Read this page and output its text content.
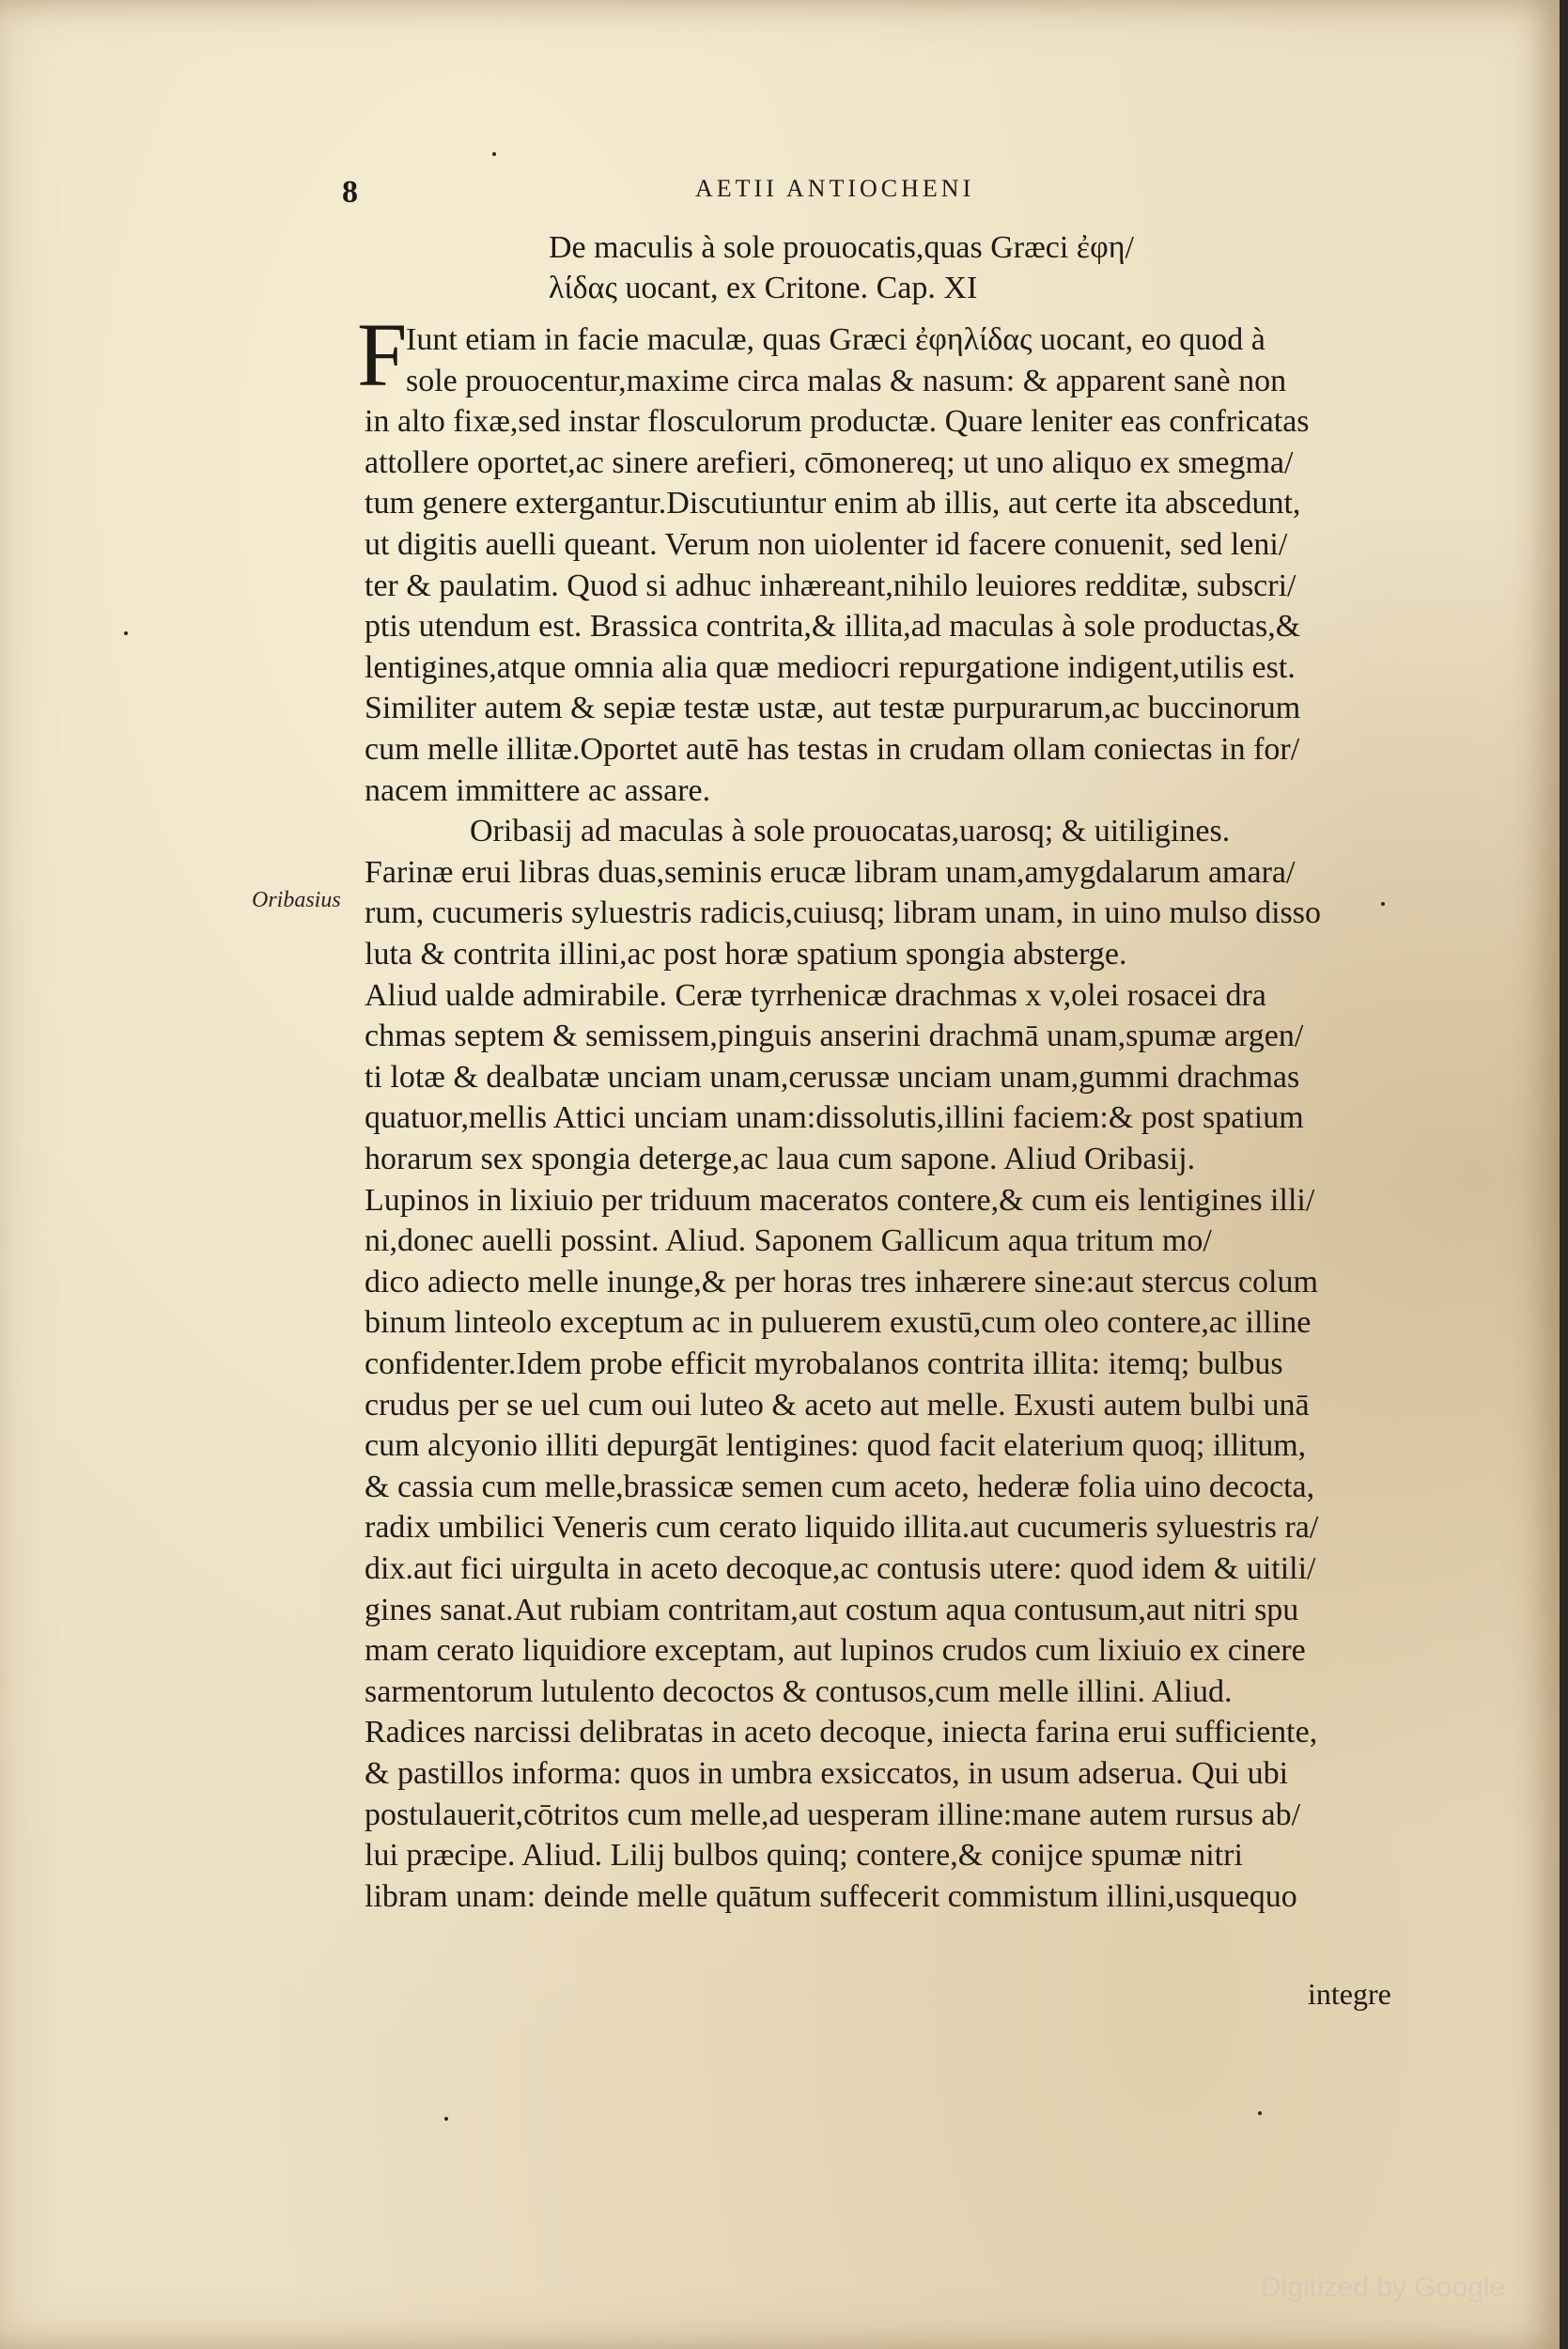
8	AETII ANTIOCHENI
De maculis à sole prouocatis,quas Græci ἐφη/
λίδας uocant, ex Critone. Cap. XI
F
Oribasius
Iunt etiam in facie maculæ, quas Græci ἐφηλίδας uocant, eo quod à
sole prouocentur,maxime circa malas & nasum: & apparent sanè non
in alto fixæ,sed instar flosculorum productæ. Quare leniter eas confricatas
attollere oportet,ac sinere arefieri, cōmonereq; ut uno aliquo ex smegma/
tum genere extergantur.Discutiuntur enim ab illis, aut certe ita abscedunt,
ut digitis auelli queant. Verum non uiolenter id facere conuenit, sed leni/
ter & paulatim. Quod si adhuc inhæreant,nihilo leuiores redditæ, subscri/
ptis utendum est. Brassica contrita,& illita,ad maculas à sole productas,&
lentigines,atque omnia alia quæ mediocri repurgatione indigent,utilis est.
Similiter autem & sepiæ testæ ustæ, aut testæ purpurarum,ac buccinorum
cum melle illitæ.Oportet autē has testas in crudam ollam coniectas in for/
nacem immittere ac assare.
Oribasij ad maculas à sole prouocatas,uarosq; & uitiligines.
Farinæ erui libras duas,seminis erucæ libram unam,amygdalarum amara/
rum, cucumeris syluestris radicis,cuiusq; libram unam, in uino mulso disso
luta & contrita illini,ac post horæ spatium spongia absterge.
Aliud ualde admirabile. Ceræ tyrrhenicæ drachmas x v,olei rosacei dra
chmas septem & semissem,pinguis anserini drachmā unam,spumæ argen/
ti lotæ & dealbatæ unciam unam,cerussæ unciam unam,gummi drachmas
quatuor,mellis Attici unciam unam:dissolutis,illini faciem:& post spatium
horarum sex spongia deterge,ac laua cum sapone. Aliud Oribasij.
Lupinos in lixiuio per triduum maceratos contere,& cum eis lentigines illi/
ni,donec auelli possint. Aliud. Saponem Gallicum aqua tritum mo/
dico adiecto melle inunge,& per horas tres inhærere sine:aut stercus colum
binum linteolo exceptum ac in puluerem exustū,cum oleo contere,ac illine
confidenter.Idem probe efficit myrobalanos contrita illita: itemq; bulbus
crudus per se uel cum oui luteo & aceto aut melle. Exusti autem bulbi unā
cum alcyonio illiti depurgāt lentigines: quod facit elaterium quoq; illitum,
& cassia cum melle,brassicæ semen cum aceto, hederæ folia uino decocta,
radix umbilici Veneris cum cerato liquido illita.aut cucumeris syluestris ra/
dix.aut fici uirgulta in aceto decoque,ac contusis utere: quod idem & uitili/
gines sanat.Aut rubiam contritam,aut costum aqua contusum,aut nitri spu
mam cerato liquidiore exceptam, aut lupinos crudos cum lixiuio ex cinere
sarmentorum lutulento decoctos & contusos,cum melle illini. Aliud.
Radices narcissi delibratas in aceto decoque, iniecta farina erui sufficiente,
& pastillos informa: quos in umbra exsiccatos, in usum adserua. Qui ubi
postulauerit,cōtritos cum melle,ad uesperam illine:mane autem rursus ab/
lui præcipe. Aliud. Lilij bulbos quinq; contere,& conijce spumæ nitri
libram unam: deinde melle quātum suffecerit commistum illini,usquequo
integre
Digitized by Google
